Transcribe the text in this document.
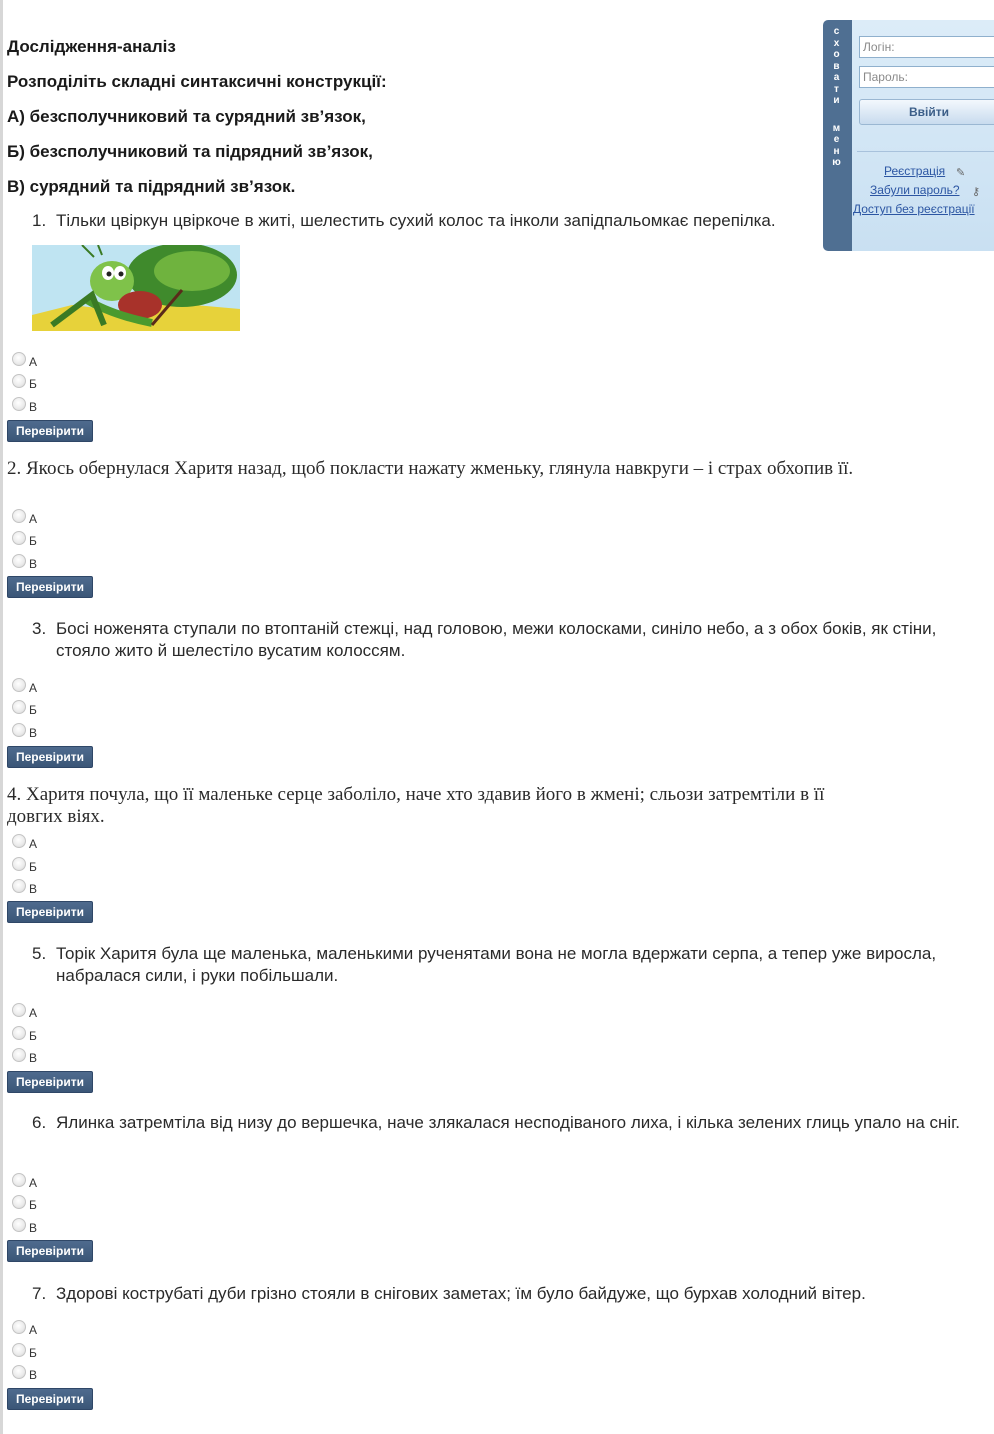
Дослідження-аналіз
Розподіліть складні синтаксичні конструкції:
А) безсполучниковий та сурядний зв’язок,
Б) безсполучниковий та підрядний зв’язок,
В) сурядний та підрядний зв’язок.
1. Тільки цвіркун цвіркоче в житі, шелестить сухий колос та інколи запідпальомкає перепілка.
А
Б
В
Перевірити
2. Якось обернулася Харитя назад, щоб покласти нажату жменьку, глянула навкруги – і страх обхопив її.
А
Б
В
Перевірити
3. Босі ноженята ступали по втоптаній стежці, над головою, межи колосками, синіло небо, а з обох боків, як стіни, стояло жито й шелестіло вусатим колоссям.
А
Б
В
Перевірити
4. Харитя почула, що її маленьке серце заболіло, наче хто здавив його в жмені; сльози затремтіли в її
довгих віях.
А
Б
В
Перевірити
5. Торік Харитя була ще маленька, маленькими рученятами вона не могла вдержати серпа, а тепер уже виросла, набралася сили, і руки побільшали.
А
Б
В
Перевірити
6. Ялинка затремтіла від низу до вершечка, наче злякалася несподіваного лиха, і кілька зелених глиць упало на сніг.
А
Б
В
Перевірити
7. Здорові кострубаті дуби грізно стояли в снігових заметах; їм було байдуже, що бурхав холодний вітер.
А
Б
В
Перевірити
с
х
о
в
а
т
и
м
е
н
ю
Логін:
Пароль:
Ввійти
Реєстрація ✎
Забули пароль? ⚷
Доступ без реєстрації
